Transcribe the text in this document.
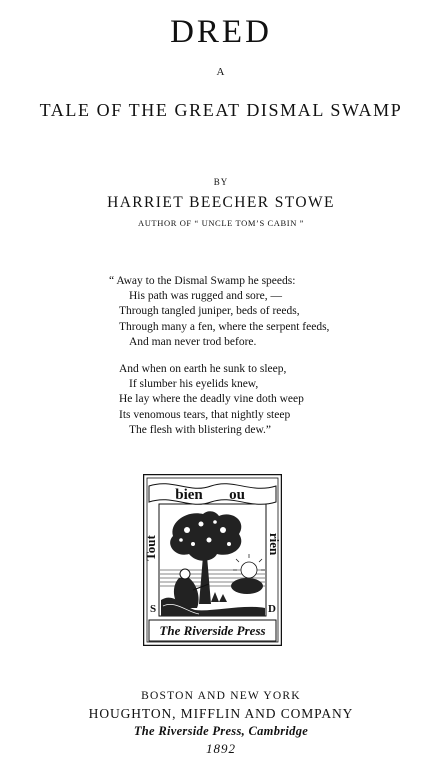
DRED
A
TALE OF THE GREAT DISMAL SWAMP
BY
HARRIET BEECHER STOWE
AUTHOR OF “ UNCLE TOM’S CABIN ”
“ Away to the Dismal Swamp he speeds:
His path was rugged and sore, —
Through tangled juniper, beds of reeds,
Through many a fen, where the serpent feeds,
And man never trod before.
And when on earth he sunk to sleep,
If slumber his eyelids knew,
He lay where the deadly vine doth weep
Its venomous tears, that nightly steep
The flesh with blistering dew.”
bien ou
Tout	rien
S	D
The Riverside Press
BOSTON AND NEW YORK
HOUGHTON, MIFFLIN AND COMPANY
The Riverside Press, Cambridge
1892
